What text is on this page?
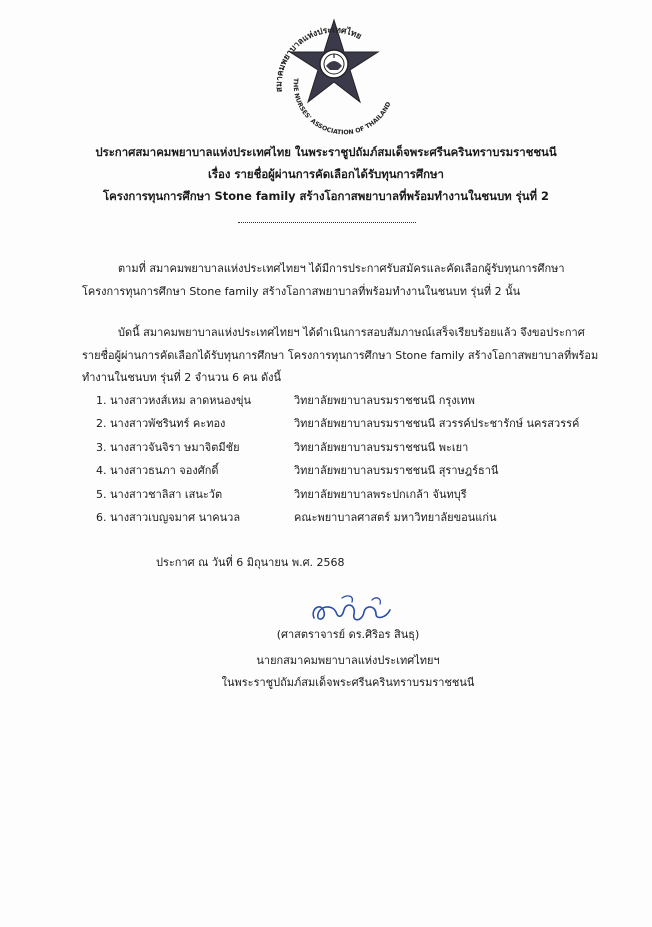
สมาคมพยาบาลแห่งประเทศไทย
THE NURSES' ASSOCIATION OF THAILAND
ประกาศสมาคมพยาบาลแห่งประเทศไทย ในพระราชูปถัมภ์สมเด็จพระศรีนครินทราบรมราชชนนี
เรื่อง รายชื่อผู้ผ่านการคัดเลือกได้รับทุนการศึกษา
โครงการทุนการศึกษา Stone family สร้างโอกาสพยาบาลที่พร้อมทำงานในชนบท รุ่นที่ 2
ตามที่ สมาคมพยาบาลแห่งประเทศไทยฯ ได้มีการประกาศรับสมัครและคัดเลือกผู้รับทุนการศึกษา
โครงการทุนการศึกษา Stone family สร้างโอกาสพยาบาลที่พร้อมทำงานในชนบท รุ่นที่ 2 นั้น
บัดนี้ สมาคมพยาบาลแห่งประเทศไทยฯ ได้ดำเนินการสอบสัมภาษณ์เสร็จเรียบร้อยแล้ว จึงขอประกาศ
รายชื่อผู้ผ่านการคัดเลือกได้รับทุนการศึกษา โครงการทุนการศึกษา Stone family สร้างโอกาสพยาบาลที่พร้อม
ทำงานในชนบท รุ่นที่ 2 จำนวน 6 คน ดังนี้
1. นางสาวหงส์เหม ลาดหนองขุ่น	วิทยาลัยพยาบาลบรมราชชนนี กรุงเทพ
2. นางสาวพัชรินทร์ คะทอง	วิทยาลัยพยาบาลบรมราชชนนี สวรรค์ประชารักษ์ นครสวรรค์
3. นางสาวจันจิรา ษมาจิตมีชัย	วิทยาลัยพยาบาลบรมราชชนนี พะเยา
4. นางสาวธนภา จองศักดิ์	วิทยาลัยพยาบาลบรมราชชนนี สุราษฎร์ธานี
5. นางสาวชาลิสา เสนะวัต	วิทยาลัยพยาบาลพระปกเกล้า จันทบุรี
6. นางสาวเบญจมาศ นาคนวล	คณะพยาบาลศาสตร์ มหาวิทยาลัยขอนแก่น
ประกาศ ณ วันที่ 6 มิถุนายน พ.ศ. 2568
(ศาสตราจารย์ ดร.ศิริอร สินธุ)
นายกสมาคมพยาบาลแห่งประเทศไทยฯ
ในพระราชูปถัมภ์สมเด็จพระศรีนครินทราบรมราชชนนี
